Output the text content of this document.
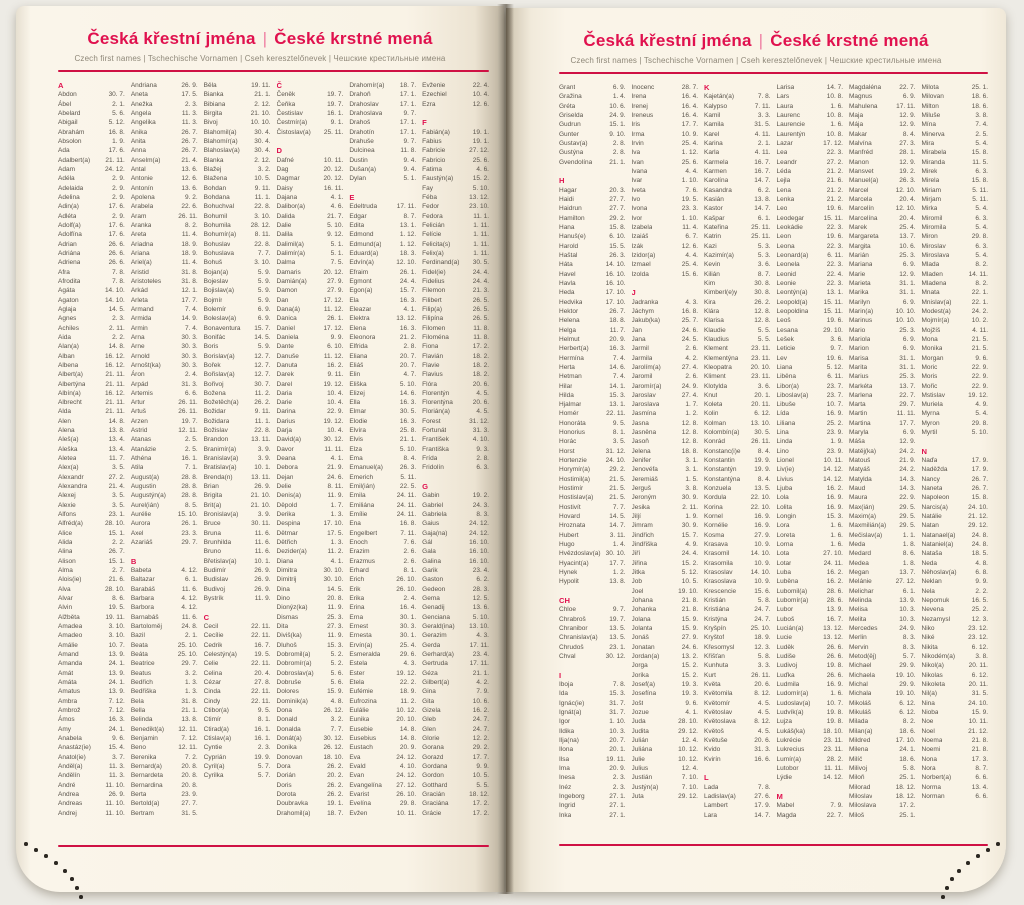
Česká křestní jména | České krstné mená
Czech first names | Tschechische Vornamen | Cseh keresztelőnevek | Чешские крестильные имена
A
Abdon	30. 7.
Ábel	2. 1.
Abelard	5. 6.
Abigail	5. 12.
Abrahám	16. 8.
Absolon	1. 9.
Ada	17. 6.
Adalbert(a) 21. 11.
Adam	24. 12.
Adéla	2. 9.
Adelaida	2. 9.
Adelina	2. 9.
Adin(a)	17. 6.
Adléta	2. 9.
Adolf(a)	17. 6.
Adolfína	17. 6.
Adrian	26. 6.
Adriána	26. 6.
Adriena	26. 6.
Afra	7. 8.
Afrodita	7. 8.
Agáta	14. 10.
Agaton	14. 10.
Aglaja	14. 5.
Agnes	2. 3.
Achiles	2. 11.
Aida	2. 2.
Alan(a)	14. 8.
Alban	16. 12.
Albena	16. 12.
Albert(a)	21. 11.
Albertýna	21. 11.
Albín(a)	16. 12.
Albrecht	21. 11.
Alda	21. 11.
Alen	14. 8.
Alena	13. 8.
Aleš(a)	13. 4.
Aleška	13. 4.
Aletea	11. 7.
Alex(a)	3. 5.
Alexandr	27. 2.
Alexandra	21. 4.
Alexej	3. 5.
Alexie	3. 5.
Alfons	23. 1.
Alfréd(a)	28. 10.
Alice	15. 1.
Alida	2. 2.
Alina	26. 7.
Alison	15. 1.
Alma	2. 7.
Alois(ie)	21. 6.
Alva	28. 10.
Alvar	8. 6.
Alvin	19. 5.
Alžběta	19. 11.
Amadea	3. 10.
Amadeo	3. 10.
Amálie	10. 7.
Amand	13. 9.
Amanda	24. 1.
Amát	13. 9.
Amáta	24. 1.
Amatus	13. 9.
Ambra	7. 12.
Ambrož	7. 12.
Ámos	16. 3.
Amy	24. 1.
Anabela	9. 6.
Anastáz(ie)	15. 4.
Anatol(ie)	3. 7.
Anděl(a)	11. 3.
Andělín	11. 3.
André	11. 10.
Andrea	26. 9.
Andreas	11. 10.
Andrej	11. 10.
Andriana	26. 9.
Aneta	17. 5.
Anežka	2. 3.
Angela	11. 3.
Angelika	11. 3.
Anika	26. 7.
Anita	26. 7.
Anna	26. 7.
Anselm(a)	21. 4.
Antal	13. 6.
Antonie	12. 6.
Antonín	13. 6.
Apolena	9. 2.
Arabela	22. 6.
Aram	26. 11.
Aranka	8. 2.
Areta	11. 4.
Ariadna	18. 9.
Ariana	18. 9.
Ariel(a)	11. 4.
Aristid	31. 8.
Aristoteles	31. 8.
Arkád	12. 1.
Arleta	17. 7.
Armand	7. 4.
Armida	14. 9.
Armin	7. 4.
Arna	30. 3.
Arne	30. 3.
Arnold	30. 3.
Arnošt(ka)	30. 3.
Áron	2. 4.
Arpád	31. 3.
Artemis	6. 6.
Artur	26. 11.
Artuš	26. 11.
Arzen	19. 7.
Astrid	12. 11.
Atanas	2. 5.
Atanázie	2. 5.
Athéna	16. 1.
Atila	7. 1.
August(a)	28. 8.
Augustin	28. 8.
Augustýn(a) 28. 8.
Aurel(ián)	8. 5.
Aurélie	15. 10.
Aurora	26. 1.
Axel	23. 3.
Azariáš	29. 7.
B
Babeta	4. 12.
Baltazar	6. 1.
Barabáš	11. 6.
Barbara	4. 12.
Barbora	4. 12.
Barnabáš	11. 6.
Bartoloměj	24. 8.
Bazil	2. 1.
Beata	25. 10.
Beáta	25. 10.
Beatrice	29. 7.
Beatus	3. 2.
Bedřich	1. 3.
Bedřiška	1. 3.
Bela	31. 8.
Bella	21. 1.
Belinda	13. 8.
Benedikt(a) 12. 11.
Benjamin	7. 12.
Beno	12. 11.
Berenika	7. 2.
Bernard(a)	20. 8.
Bernardeta	20. 8.
Bernardina	20. 8.
Berta	23. 9.
Bertold(a)	27. 7.
Bertram	31. 5.
Běla	19. 11.
Bianka	21. 1.
Bibiana	2. 12.
Birgita	21. 10.
Bivoj	10. 10.
Blahomil(a)	30. 4.
Blahomír(a)	30. 4.
Blahoslav(a) 30. 4.
Blanka	2. 12.
Blažej	3. 2.
Blažena	10. 5.
Bohdan	9. 11.
Bohdana	11. 1.
Bohuchval	22. 8.
Bohumil	3. 10.
Bohumila	28. 12.
Bohumír(a)	8. 11.
Bohuslav	22. 8.
Bohuslava	7. 7.
Bohuš	3. 10.
Bojan(a)	5. 9.
Bojeslav	5. 9.
Bojislav(a)	5. 9.
Bojmír	5. 9.
Bolemír	6. 9.
Boleslav(a)	6. 9.
Bonaventura 15. 7.
Bonifác	14. 5.
Boris	5. 9.
Borislav(a)	12. 7.
Bořek	12. 7.
Bořislav(a)	12. 7.
Bořivoj	30. 7.
Božena	11. 2.
Božetěch(a) 26. 2.
Božidar	9. 11.
Božidara	11. 1.
Božislav	22. 8.
Brandon	13. 11.
Branimír(a)	3. 9.
Branislav(a)	3. 9.
Bratislav(a)	10. 1.
Brenda(n)	13. 11.
Brian	26. 9.
Brigita	21. 10.
Brit(a)	21. 10.
Bronislav(a)	3. 9.
Bruce	30. 11.
Bruna	11. 6.
Brunhilda	11. 6.
Bruno	11. 6.
Břetislav(a)	10. 1.
Budimír	26. 9.
Budislav	26. 9.
Budivoj	26. 9.
Bystrík	11. 9.
C
Cecil	22. 11.
Cecílie	22. 11.
Cedrik	16. 7.
Celestýn(a)	19. 5.
Celie	22. 11.
Celina	20. 4.
Cézar	27. 8.
Cinda	22. 11.
Cindy	22. 11.
Ctibor(a)	9. 5.
Ctimír	8. 1.
Ctirad(a)	16. 1.
Ctislav(a)	16. 1.
Cyntie	2. 3.
Cyprián	19. 9.
Cyril(a)	5. 7.
Cyrilka	5. 7.
Č
Čeněk	19. 7.
Čeňka	19. 7.
Čestislav	16. 1.
Čestmír(a)	9. 1.
Čistoslav(a) 25. 11.
D
Dafné	10. 11.
Dag	20. 12.
Dagmar	20. 12.
Daisy	16. 11.
Dajana	4. 1.
Dalibor(a)	4. 6.
Dalida	21. 7.
Dalie	5. 10.
Dalila	9. 12.
Dalimil(a)	5. 1.
Dalimír(a)	5. 1.
Dalma	7. 5.
Damaris	20. 12.
Damián(a)	27. 9.
Damon	27. 9.
Dan	17. 12.
Dana(á)	11. 12.
Danica	26. 1.
Daniel	17. 12.
Daniela	9. 9.
Dante	6. 10.
Danuše	11. 12.
Danuta	16. 2.
Darek	9. 11.
Darel	19. 12.
Daria	10. 4.
Darie	10. 4.
Darina	22. 9.
Darius	19. 12.
Darja	10. 4.
David(a)	30. 12.
Davor	11. 11.
Deana	4. 1.
Debora	21. 9.
Dejan	24. 6.
Delie	8. 11.
Denis(a)	11. 9.
Děpold	1. 7.
Derika	1. 3.
Despina	17. 10.
Dětmar	17. 5.
Dětřich	1. 3.
Dezider(a)	11. 2.
Diana	4. 1.
Dimitra	30. 10.
Dimitrij	30. 10.
Dina	14. 5.
Dino	20. 8.
Dionýz(ka)	11. 9.
Dismas	25. 3.
Dita	27. 3.
Diviš(ka)	11. 9.
Dluhoš	15. 3.
Dobromil(a)	5. 2.
Dobromír(a)	5. 2.
Dobroslav(a)	5. 6.
Dobruše	5. 6.
Dolores	15. 9.
Dominik(a)	4. 8.
Dona	26. 12.
Donald	3. 2.
Donalda	7. 7.
Donát(a)	30. 12.
Donika	26. 12.
Donovan	18. 10.
Dora	26. 2.
Dorián	20. 2.
Doris	26. 2.
Dorota	26. 2.
Doubravka	19. 1.
Drahomil(a)	18. 7.
Drahomír(a) 18. 7.
Drahoň	17. 1.
Drahoslav	17. 1.
Drahoslava	9. 7.
Drahoš	17. 1.
Drahotín	17. 1.
Drahuše	9. 7.
Dulcinea	11. 8.
Dustin	9. 4.
Dušan(a)	9. 4.
Dylan	5. 1.
E
Edeltruda	17. 11.
Edgar	8. 7.
Edita	13. 1.
Edmond	1. 12.
Edmund(a)	1. 12.
Eduard(a)	18. 3.
Edvín(a)	12. 10.
Efraim	26. 1.
Egmont	24. 4.
Egon(a)	15. 7.
Ela	16. 3.
Eleazar	4. 1.
Elektra	13. 12.
Elena	16. 3.
Eleonora	21. 2.
Elfrida	2. 8.
Eliana	20. 7.
Eliáš	20. 7.
Elin	4. 7.
Eliška	5. 10.
Elizej	14. 6.
Ella	16. 3.
Elmar	30. 5.
Elodie	16. 3.
Elvíra	25. 8.
Elvis	21. 1.
Elza	5. 10.
Ema	8. 4.
Emanuel(a)	26. 3.
Emerich	5. 11.
Emil(ián)	22. 5.
Emila	24. 11.
Emiliána	24. 11.
Emílie	24. 11.
Ena	16. 8.
Engelbert	7. 11.
Enoch	7. 6.
Erazim	2. 6.
Erazmus	2. 6.
Erhard	8. 1.
Erich	26. 10.
Erik	26. 10.
Erika	2. 4.
Erina	16. 4.
Erna	30. 1.
Ernest	30. 3.
Ernesta	30. 1.
Ervín(a)	25. 4.
Esmeralda	29. 6.
Estela	4. 3.
Ester	19. 12.
Etela	22. 2.
Eufémie	18. 9.
Eufrozina	11. 2.
Eulálie	10. 12.
Eunika	20. 10.
Eusebie	14. 8.
Eusebius	14. 8.
Eustach	20. 9.
Eva	24. 12.
Evald	4. 10.
Evan	24. 12.
Evangelína 27. 12.
Evarist	26. 10.
Evelína	29. 8.
Evžen	10. 11.
Evženie	22. 4.
Ezechiel	10. 4.
Ezra	12. 6.
F
Fabián(a)	19. 1.
Fabius	19. 1.
Fabricie	27. 12.
Fabricio	25. 6.
Fatima	4. 6.
Faustýn(a)	15. 2.
Fay	5. 10.
Féba	13. 12.
Fedor	23. 10.
Fedora	11. 1.
Felicián	1. 11.
Felície	1. 11.
Felicita(s)	1. 11.
Felix(a)	1. 11.
Ferdinand(a) 30. 5.
Fidel(ie)	24. 4.
Fidelius	24. 4.
Filemon	21. 3.
Filibert	26. 5.
Filip(a)	26. 5.
Filipína	26. 5.
Filomen	11. 8.
Filoména	11. 8.
Fiona	17. 2.
Flavián	18. 2.
Flavie	18. 2.
Flavius	18. 2.
Flóra	20. 6.
Florentýn	4. 5.
Florentýna	20. 6.
Florián(a)	4. 5.
Forest	31. 12.
Fortunát	31. 3.
František	4. 10.
Františka	9. 3.
Frída	2. 8.
Fridolín	6. 3.
G
Gabin	19. 2.
Gabriel	24. 3.
Gabriela	8. 3.
Gaius	24. 12.
Gaja(na)	24. 12.
Gál	16. 10.
Gala	16. 10.
Galina	16. 10.
Garik	23. 4.
Gaston	6. 2.
Gedeon	28. 3.
Gema	12. 5.
Genadij	13. 6.
Genciana	5. 10.
Gerald(ina) 13. 10.
Gerazim	4. 3.
Gerda	17. 11.
Gerhard(a)	23. 4.
Gertruda	17. 11.
Géza	21. 1.
Gilbert(a)	4. 2.
Gina	7. 9.
Gita	10. 6.
Gizela	16. 2.
Gleb	24. 7.
Glen	24. 7.
Glorie	12. 2.
Gorana	29. 2.
Gorazd	17. 7.
Gordana	9. 9.
Gordon	10. 5.
Gotthard	5. 5.
Gracián	18. 12.
Graciána	17. 2.
Grácie	17. 2.
Česká křestní jména | České krstné mená
Czech first names | Tschechische Vornamen | Cseh keresztelőnevek | Чешские крестильные имена
Grant	6. 9.
Gražina	1. 4.
Gréta	10. 6.
Griselda	24. 9.
Gudrun	15. 1.
Gunter	9. 10.
Gustav(a)	2. 8.
Gustýna	2. 8.
Gvendolína	21. 1.
H
Hagar	20. 3.
Haidi	27. 7.
Haidrun	27. 7.
Hamilton	29. 2.
Hana	15. 8.
Hanuš(e)	6. 10.
Harold	15. 5.
Haštal	26. 3.
Háta	14. 10.
Havel	16. 10.
Havla	16. 10.
Heda	17. 10.
Hedvika	17. 10.
Hektor	26. 7.
Helena	18. 8.
Helga	11. 7.
Helmut	20. 9.
Herbert(a)	16. 3.
Hermína	7. 4.
Herta	14. 6.
Hetman	7. 4.
Hilar	14. 1.
Hilda	15. 3.
Hjalmar	13. 1.
Homér	22. 11.
Honoráta	9. 5.
Honorius	8. 1.
Horác	3. 5.
Horst	31. 12.
Hortenzie	24. 10.
Horymír(a)	29. 2.
Hostimil(a)	21. 5.
Hostimír	21. 5.
Hostislav(a) 21. 5.
Hostivít	7. 7.
Hovard	14. 5.
Hroznata	14. 7.
Hubert	3. 11.
Hugo	1. 4.
Hvězdoslav(a) 30. 10.
Hyacint(a)	17. 7.
Hynek	1. 2.
Hypolit	13. 8.
CH
Chloe	9. 7.
Chrabroš	19. 7.
Chranibor	13. 5.
Chranislav(a) 13. 5.
Chrudoš	23. 1.
Chval	30. 12.
I
Iboja	7. 8.
Ida	15. 3.
Ignác(ie)	31. 7.
Ignát(a)	31. 7.
Igor	1. 10.
Ildika	10. 3.
Ilja(na)	20. 7.
Ilona	20. 1.
Ilsa	19. 11.
Ima	20. 9.
Inesa	2. 3.
Inéz	2. 3.
Ingeborg	27. 1.
Ingrid	27. 1.
Inka	27. 1.
Inocenc	28. 7.
Irena	16. 4.
Irenej	16. 4.
Ireneus	16. 4.
Iris	17. 7.
Irma	10. 9.
Irvin	25. 4.
Iva	1. 12.
Ivan	25. 6.
Ivana	4. 4.
Ivar	1. 10.
Iveta	7. 6.
Ivo	19. 5.
Ivona	23. 3.
Ivor	1. 10.
Izabela	11. 4.
Izaiáš	6. 7.
Izák	12. 6.
Izidor(a)	4. 4.
Izmael	25. 4.
Izolda	15. 6.
J
Jadranka	4. 3.
Jáchym	16. 8.
Jakub(ka)	25. 7.
Jan	24. 6.
Jana	24. 5.
Jarmil	2. 6.
Jarmila	4. 2.
Jarolím(a)	27. 4.
Jaromil	2. 6.
Jaromír(a)	24. 9.
Jaroslav	27. 4.
Jaroslava	1. 7.
Jasmína	1. 2.
Jasna	12. 8.
Jasněna	12. 8.
Jasoň	12. 8.
Jelena	18. 8.
Jenifer	3. 1.
Jenovéfa	3. 1.
Jeremiáš	1. 5.
Jerguš	3. 8.
Jeroným	30. 9.
Jesika	2. 11.
Jiljí	1. 9.
Jimram	30. 9.
Jindřich	15. 7.
Jindřiška	4. 9.
Jiří	24. 4.
Jiřina	15. 2.
Jitka	5. 12.
Job	10. 5.
Joel	19. 10.
Johana	21. 8.
Johanka	21. 8.
Jolana	15. 9.
Jolanta	15. 9.
Jonáš	27. 9.
Jonatan	24. 6.
Jordan(a)	13. 2.
Jorga	15. 2.
Jorika	15. 2.
Josef(a)	19. 3.
Josefína	19. 3.
Jošt	9. 6.
Jozue	4. 1.
Juda	28. 10.
Judita	29. 12.
Julián	12. 4.
Juliána	10. 12.
Julie	10. 12.
Julius	12. 4.
Justián	7. 10.
Justýn(a)	7. 10.
Juta	29. 12.
K
Kajetán(a)	7. 8.
Kalypso	7. 11.
Kamil	3. 3.
Kamila	31. 5.
Karel	4. 11.
Karina	2. 1.
Karla	4. 11.
Karmela	16. 7.
Karmen	16. 7.
Karolína	14. 7.
Kasandra	6. 2.
Kasián	13. 8.
Kastor	14. 7.
Kašpar	6. 1.
Kateřina	25. 11.
Katrin	25. 11.
Kazi	5. 3.
Kazimír(a)	5. 3.
Kevin	3. 6.
Kilián	8. 7.
Kim	30. 8.
Kimberl(e)y	30. 8.
Kira	26. 2.
Klára	12. 8.
Klarisa	12. 8.
Klaudie	5. 5.
Klaudius	5. 5.
Klement	23. 11.
Klementýna 23. 11.
Kleopatra	20. 10.
Kliment	23. 11.
Klotylda	3. 6.
Knut	20. 1.
Koleta	20. 11.
Kolin	6. 12.
Kolman	13. 10.
Kolombín(a) 30. 5.
Konrád	26. 11.
Konstanc(i)e	8. 4.
Konstantin	19. 9.
Konstantýn	19. 9.
Konstantýna	8. 4.
Konzuela	13. 5.
Kordula	22. 10.
Korina	22. 10.
Kornel	16. 9.
Kornélie	16. 9.
Kosma	27. 9.
Krasava	10. 9.
Krasomil	14. 10.
Krasomila	10. 9.
Krasoslav	14. 10.
Krasoslava	10. 9.
Krescencie	15. 6.
Kristián	5. 8.
Kristiána	24. 7.
Kristýna	24. 7.
Kryšpín	25. 10.
Kryštof	18. 9.
Křesomysl	12. 3.
Křišťan	5. 8.
Kunhuta	3. 3.
Kurt	26. 11.
Květa	20. 6.
Květomila	8. 12.
Květomír	4. 5.
Květoslav	4. 5.
Květoslava	8. 12.
Květoš	4. 5.
Květuše	20. 6.
Kvido	31. 3.
Kvirín	16. 6.
L
Lada	7. 8.
Ladislav(a)	27. 6.
Lambert	17. 9.
Lara	14. 7.
Larisa	14. 7.
Lars	10. 8.
Laura	1. 6.
Laurenc	10. 8.
Laurencie	1. 6.
Laurentýn	10. 8.
Lazar	17. 12.
Lea	22. 3.
Leandr	27. 2.
Léda	21. 2.
Lejla	21. 6.
Lena	21. 2.
Lenka	21. 2.
Leo	19. 6.
Leodegar	15. 11.
Leokádie	22. 3.
Leon	19. 6.
Leona	22. 3.
Leonard(a)	6. 11.
Leonela	22. 3.
Leonid	22. 4.
Leonie	22. 3.
Leontýn(a)	13. 1.
Leopold(a) 15. 11.
Leopoldina 15. 11.
Leoš	19. 6.
Lesana	29. 10.
Lešek	3. 6.
Leticie	9. 7.
Lev	19. 6.
Liana	5. 12.
Liběna	6. 11.
Libor(a)	23. 7.
Liboslav(a)	23. 7.
Libuše	10. 7.
Lída	16. 9.
Liliana	25. 2.
Lina	23. 9.
Linda	1. 9.
Lino	23. 9.
Lionel	10. 11.
Liv(ie)	14. 12.
Livius	14. 12.
Ljuba	16. 2.
Lola	16. 9.
Lolita	16. 9.
Longin	15. 3.
Lora	1. 6.
Loreta	1. 6.
Lorna	1. 6.
Lota	27. 10.
Lotar	24. 11.
Luba	16. 2.
Luběna	16. 2.
Lubomil(a)	28. 6.
Lubomír(a)	28. 6.
Lubor	13. 9.
Luboš	16. 7.
Lucián(a)	13. 12.
Lucie	13. 12.
Luděk	26. 6.
Ludiše	26. 6.
Ludivoj	19. 8.
Luďka	26. 6.
Ludmila	16. 9.
Ludomír(a)	1. 6.
Ludoslav(a)	10. 7.
Ludvík(a)	19. 8.
Lujza	19. 8.
Lukáš(ka)	18. 10.
Lukrécie	23. 11.
Lukrecius	23. 11.
Lumír(a)	28. 2.
Lutobor	11. 11.
Lýdie	14. 12.
M
Mabel	7. 9.
Magda	22. 7.
Magdaléna	22. 7.
Magnus	6. 9.
Mahulena	17. 11.
Maja	12. 9.
Mája	12. 9.
Makar	8. 4.
Malvína	27. 3.
Manfréd	28. 1.
Manon	12. 9.
Mansvet	19. 2.
Manuel(a)	26. 3.
Marcel	12. 10.
Marcela	20. 4.
Marcelín	12. 10.
Marcelína	20. 4.
Marek	25. 4.
Margareta	13. 7.
Margita	10. 6.
Marián	25. 3.
Mariana	6. 9.
Marie	12. 9.
Marieta	31. 1.
Marika	31. 1.
Marilyn	6. 9.
Marin(a)	10. 10.
Marinus	10. 10.
Mario	25. 3.
Mariola	6. 9.
Marion	6. 9.
Marisa	31. 1.
Marita	31. 1.
Marius	25. 3.
Markéta	13. 7.
Marlena	22. 7.
Marta	29. 7.
Martin	11. 11.
Martina	17. 7.
Maryla	6. 9.
Máša	12. 9.
Matěj(ka)	24. 2.
Matouš	21. 9.
Matyáš	24. 2.
Matylda	14. 3.
Maud	14. 3.
Maura	22. 9.
Max(ián)	29. 5.
Maxim(a)	29. 5.
Maxmilián(a) 29. 5.
Mečislav(a)	1. 1.
Meda	1. 8.
Medard	8. 6.
Medea	1. 8.
Megan	13. 7.
Melánie	27. 12.
Melichar	6. 1.
Melinda	13. 9.
Melisa	10. 3.
Melita	10. 3.
Mercedes	24. 9.
Merlin	8. 3.
Mervin	8. 3.
Metod(ěj)	5. 7.
Michael	29. 9.
Michaela	19. 10.
Michal	29. 9.
Michala	19. 10.
Mikoláš	6. 12.
Mikuláš	6. 12.
Milada	8. 2.
Milan(a)	18. 6.
Mildred	17. 10.
Milena	24. 1.
Milíč	18. 6.
Milivoj	5. 8.
Miloň	25. 1.
Milorad	18. 12.
Miloslav	18. 12.
Miloslava	17. 2.
Miloš	25. 1.
Milota	25. 1.
Milovan	18. 6.
Milton	18. 6.
Miluše	3. 8.
Mína	7. 4.
Minerva	2. 5.
Mira	5. 4.
Mirabela	15. 8.
Miranda	11. 5.
Mirek	6. 3.
Mirela	15. 8.
Miriam	5. 11.
Mirjam	5. 11.
Mirka	5. 4.
Miromil	6. 3.
Miromila	5. 4.
Miron	29. 8.
Miroslav	6. 3.
Miroslava	5. 4.
Mlada	8. 2.
Mladen	14. 11.
Mladena	8. 2.
Mnata	22. 1.
Mnislav(a)	22. 1.
Modest(a)	24. 2.
Mojmír(a)	10. 2.
Mojžíš	4. 11.
Mona	21. 5.
Monika	21. 5.
Morgan	9. 6.
Moric	22. 9.
Moris	22. 9.
Mořic	22. 9.
Mstislav	19. 12.
Muriela	4. 9.
Myrna	5. 4.
Myron	29. 8.
Myrtil	5. 10.
N
Naďa	17. 9.
Naděžda	17. 9.
Nancy	26. 7.
Naneta	26. 7.
Napoleon	15. 8.
Narcis(a)	24. 10.
Natálie	21. 12.
Natan	29. 12.
Natanael(a)	24. 8.
Nataniel(a)	24. 8.
Nataša	18. 5.
Neda	4. 8.
Něhoslav(a)	6. 8.
Neklan	9. 9.
Nela	2. 2.
Nepomuk	16. 5.
Nevena	25. 2.
Nezamysl	12. 3.
Niko	23. 12.
Niké	23. 12.
Nikita	6. 12.
Nikodém(a)	3. 8.
Nikol(a)	20. 11.
Nikolas	6. 12.
Nikoleta	20. 11.
Nil(a)	31. 5.
Nina	24. 10.
Nioba	15. 9.
Noe	10. 11.
Noel	21. 12.
Noema	21. 8.
Noemi	21. 8.
Nona	17. 3.
Nora	8. 7.
Norbert(a)	6. 6.
Norma	13. 4.
Norman	6. 6.
